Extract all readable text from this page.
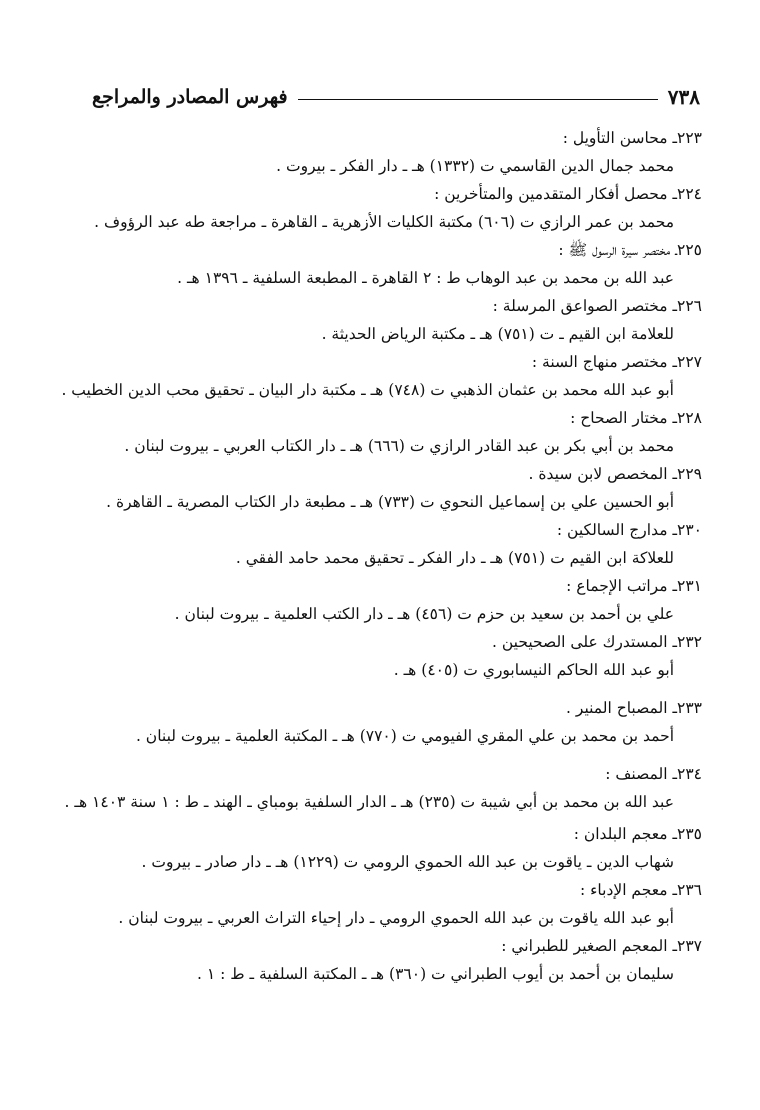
٧٣٨
فهرس المصادر والمراجع
٢٢٣ـ محاسن التأويل :
محمد جمال الدين القاسمي ت (١٣٣٢) هـ ـ دار الفكر ـ بيروت .
٢٢٤ـ محصل أفكار المتقدمين والمتأخرين :
محمد بن عمر الرازي ت (٦٠٦) مكتبة الكليات الأزهرية ـ القاهرة ـ مراجعة طه عبد الرؤوف .
٢٢٥ـ مختصر سيرة الرسول ﷺ :
عبد الله بن محمد بن عبد الوهاب ط : ٢ القاهرة ـ المطبعة السلفية ـ ١٣٩٦ هـ .
٢٢٦ـ مختصر الصواعق المرسلة :
للعلامة ابن القيم ـ ت (٧٥١) هـ ـ مكتبة الرياض الحديثة .
٢٢٧ـ مختصر منهاج السنة :
أبو عبد الله محمد بن عثمان الذهبي ت (٧٤٨) هـ ـ مكتبة دار البيان ـ تحقيق محب الدين الخطيب .
٢٢٨ـ مختار الصحاح :
محمد بن أبي بكر بن عبد القادر الرازي ت (٦٦٦) هـ ـ دار الكتاب العربي ـ بيروت لبنان .
٢٢٩ـ المخصص لابن سيدة .
أبو الحسين علي بن إسماعيل النحوي ت (٧٣٣) هـ ـ مطبعة دار الكتاب المصرية ـ القاهرة .
٢٣٠ـ مدارج السالكين :
للعلاكة ابن القيم ت (٧٥١) هـ ـ دار الفكر ـ تحقيق محمد حامد الفقي .
٢٣١ـ مراتب الإجماع :
علي بن أحمد بن سعيد بن حزم ت (٤٥٦) هـ ـ دار الكتب العلمية ـ بيروت لبنان .
٢٣٢ـ المستدرك على الصحيحين .
أبو عبد الله الحاكم النيسابوري ت (٤٠٥) هـ .
٢٣٣ـ المصباح المنير .
أحمد بن محمد بن علي المقري الفيومي ت (٧٧٠) هـ ـ المكتبة العلمية ـ بيروت لبنان .
٢٣٤ـ المصنف :
عبد الله بن محمد بن أبي شيبة ت (٢٣٥) هـ ـ الدار السلفية بومباي ـ الهند ـ ط : ١ سنة ١٤٠٣ هـ .
٢٣٥ـ معجم البلدان :
شهاب الدين ـ ياقوت بن عبد الله الحموي الرومي ت (١٢٢٩) هـ ـ دار صادر ـ بيروت .
٢٣٦ـ معجم الإدباء :
أبو عبد الله ياقوت بن عبد الله الحموي الرومي ـ دار إحياء التراث العربي ـ بيروت لبنان .
٢٣٧ـ المعجم الصغير للطبراني :
سليمان بن أحمد بن أيوب الطبراني ت (٣٦٠) هـ ـ المكتبة السلفية ـ ط : ١ .
